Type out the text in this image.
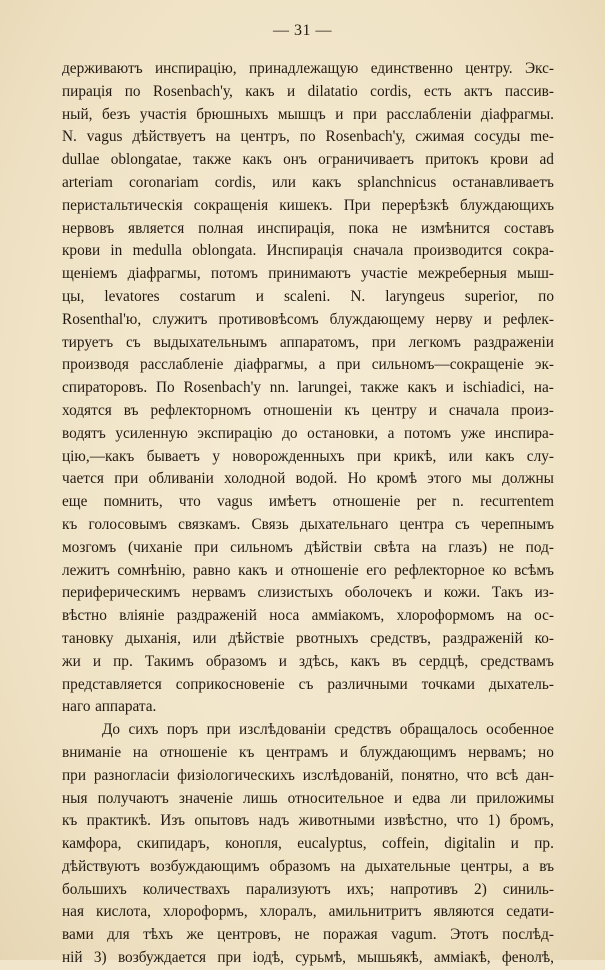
— 31 —
держиваютъ инспирацію, принадлежащую единственно центру. Экс-
пирація по Rosenbach'у, какъ и dilatatio cordis, есть актъ пассив-
ный, безъ участія брюшныхъ мышцъ и при расслабленіи діафрагмы.
N. vagus дѣйствуетъ на центръ, по Rosenbach'у, сжимая сосуды me-
dullae oblongatae, также какъ онъ ограничиваетъ притокъ крови ad
arteriam coronariam cordis, или какъ splanchnicus останавливаетъ
перистальтическія сокращенія кишекъ. При перерѣзкѣ блуждающихъ
нервовъ является полная инспирація, пока не измѣнится составъ
крови in medulla oblongata. Инспирація сначала производится сокра-
щеніемъ діафрагмы, потомъ принимаютъ участіе межреберныя мыш-
цы, levatores costarum и scaleni. N. laryngeus superior, по
Rosenthal'ю, служитъ противовѣсомъ блуждающему нерву и рефлек-
тируетъ съ выдыхательнымъ аппаратомъ, при легкомъ раздраженіи
производя расслабленіе діафрагмы, а при сильномъ—сокращеніе эк-
спираторовъ. По Rosenbach'у nn. larungei, также какъ и ischiadici, на-
ходятся въ рефлекторномъ отношеніи къ центру и сначала произ-
водятъ усиленную экспирацію до остановки, а потомъ уже инспира-
цію,—какъ бываетъ у новорожденныхъ при крикѣ, или какъ слу-
чается при обливаніи холодной водой. Но кромѣ этого мы должны
еще помнить, что vagus имѣетъ отношеніе per n. recurrentem
къ голосовымъ связкамъ. Связь дыхательнаго центра съ черепнымъ
мозгомъ (чиханіе при сильномъ дѣйствіи свѣта на глазъ) не под-
лежитъ сомнѣнію, равно какъ и отношеніе его рефлекторное ко всѣмъ
периферическимъ нервамъ слизистыхъ оболочекъ и кожи. Такъ из-
вѣстно вліяніе раздраженій носа аммiакомъ, хлороформомъ на ос-
тановку дыханія, или дѣйствіе рвотныхъ средствъ, раздраженій ко-
жи и пр. Такимъ образомъ и здѣсь, какъ въ сердцѣ, средствамъ
представляется соприкосновеніе съ различными точками дыхатель-
наго аппарата.
До сихъ поръ при изслѣдованіи средствъ обращалось особенное
вниманіе на отношеніе къ центрамъ и блуждающимъ нервамъ; но
при разногласіи физіологическихъ изслѣдованій, понятно, что всѣ дан-
ныя получаютъ значеніе лишь относительное и едва ли приложимы
къ практикѣ. Изъ опытовъ надъ животными извѣстно, что 1) бромъ,
камфора, скипидаръ, конопля, eucalyptus, coffein, digitalin и пр.
дѣйствуютъ возбуждающимъ образомъ на дыхательные центры, а въ
большихъ количествахъ парализуютъ ихъ; напротивъ 2) синиль-
ная кислота, хлороформъ, хлоралъ, амильнитритъ являются седати-
вами для тѣхъ же центровъ, не поражая vagum. Этотъ послѣд-
ній 3) возбуждается при іодѣ, сурьмѣ, мышьякѣ, аммiакѣ, фенолѣ,
